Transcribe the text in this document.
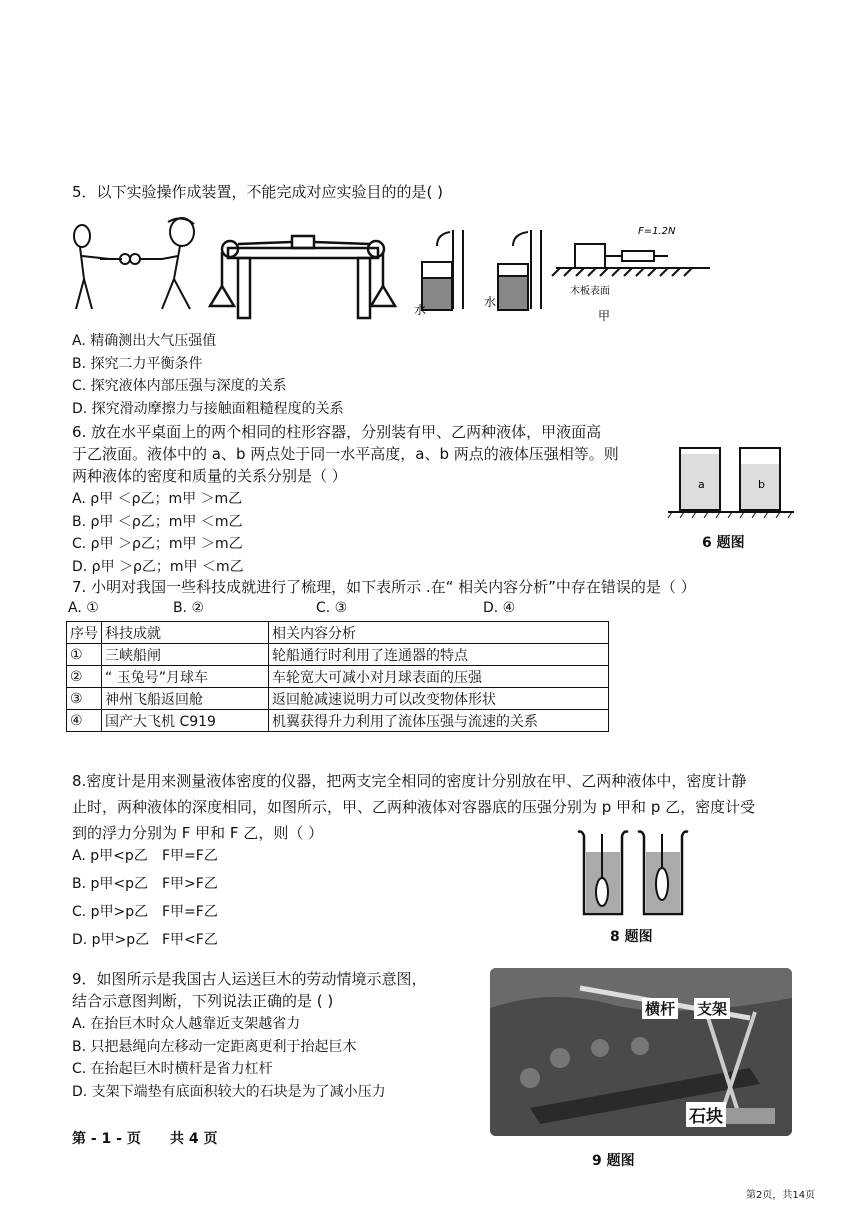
5．以下实验操作成装置，不能完成对应实验目的的是( )
水
水
F=1.2N
木板表面
甲
A. 精确测出大气压强值
B. 探究二力平衡条件
C. 探究液体内部压强与深度的关系
D. 探究滑动摩擦力与接触面粗糙程度的关系
6. 放在水平桌面上的两个相同的柱形容器，分别装有甲、乙两种液体，甲液面高
于乙液面。液体中的 a、b 两点处于同一水平高度，a、b 两点的液体压强相等。则
两种液体的密度和质量的关系分别是（ ）
A. ρ甲 ＜ρ乙；m甲 ＞m乙
B. ρ甲 ＜ρ乙；m甲 ＜m乙
C. ρ甲 ＞ρ乙；m甲 ＞m乙
D. ρ甲 ＞ρ乙；m甲 ＜m乙
a	b
6 题图
7. 小明对我国一些科技成就进行了梳理，如下表所示 .在“ 相关内容分析”中存在错误的是（ ）
A. ①	B. ②	C. ③	D. ④
序号	科技成就	相关内容分析
①	三峡船闸	轮船通行时利用了连通器的特点
②	“ 玉兔号”月球车	车轮宽大可减小对月球表面的压强
③	神州飞船返回舱	返回舱减速说明力可以改变物体形状
④	国产大飞机 C919	机翼获得升力利用了流体压强与流速的关系
8.密度计是用来测量液体密度的仪器，把两支完全相同的密度计分别放在甲、乙两种液体中，密度计静
止时，两种液体的深度相同，如图所示，甲、乙两种液体对容器底的压强分别为 p 甲和 p 乙，密度计受
到的浮力分别为 F 甲和 F 乙，则（ ）
A. p甲<p乙 F甲=F乙
B. p甲<p乙 F甲>F乙
C. p甲>p乙 F甲=F乙
D. p甲>p乙 F甲<F乙	8 题图
9．如图所示是我国古人运送巨木的劳动情境示意图，
结合示意图判断，下列说法正确的是 ( )
A. 在抬巨木时众人越靠近支架越省力
B. 只把悬绳向左移动一定距离更利于抬起巨木
C. 在抬起巨木时横杆是省力杠杆
D. 支架下端垫有底面积较大的石块是为了减小压力
横杆 支架
石块
9 题图
第 - 1 - 页 共 4 页
第2页，共14页
